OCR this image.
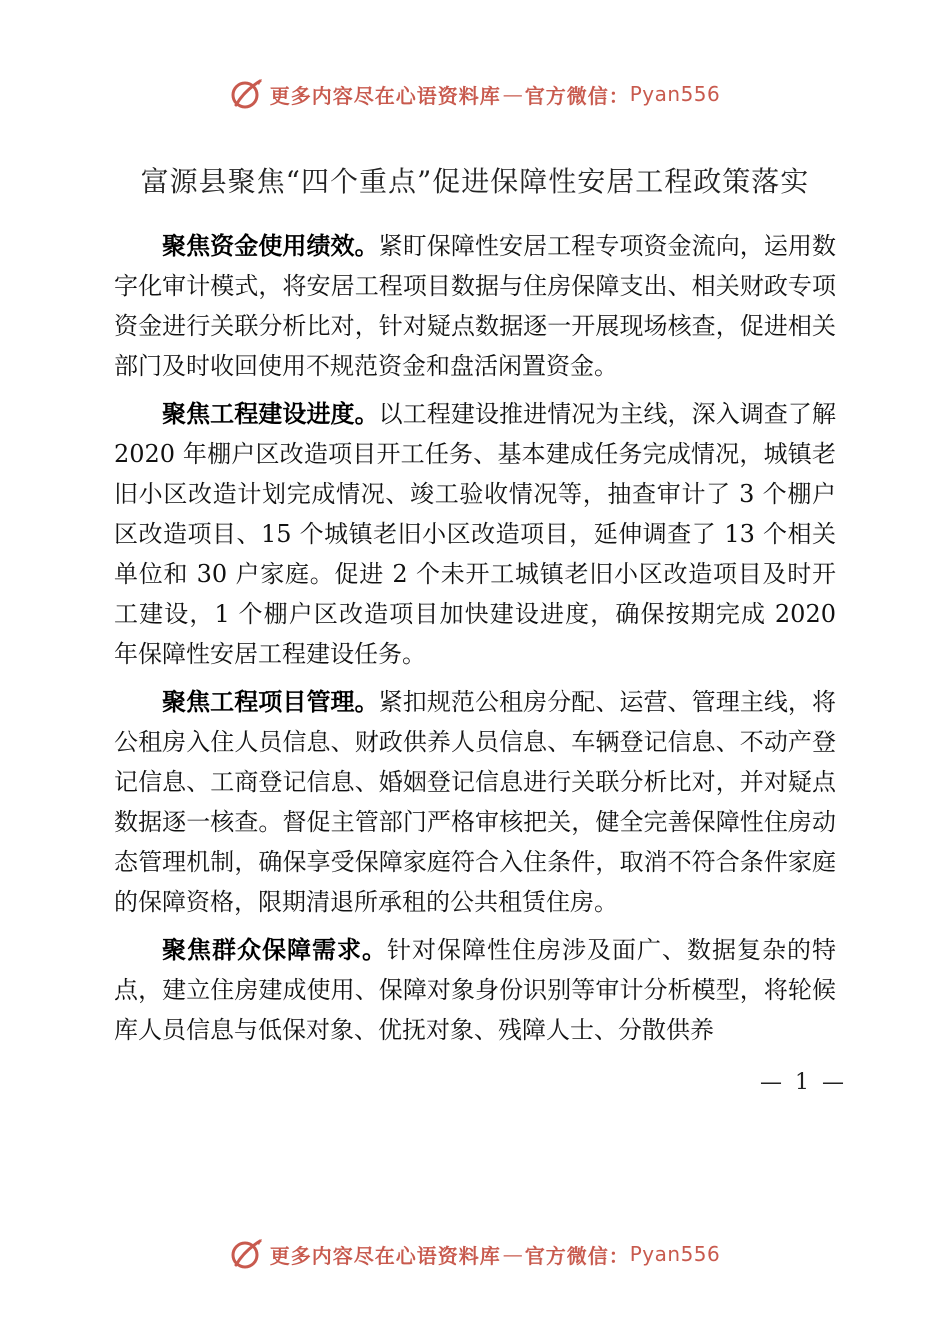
更多内容尽在心语资料库 — 官方微信： Pyan556
富源县聚焦“四个重点”促进保障性安居工程政策落实

聚焦资金使用绩效。紧盯保障性安居工程专项资金流向，运用数字化审计模式，将安居工程项目数据与住房保障支出、相关财政专项资金进行关联分析比对，针对疑点数据逐一开展现场核查，促进相关部门及时收回使用不规范资金和盘活闲置资金。

聚焦工程建设进度。以工程建设推进情况为主线，深入调查了解 2020 年棚户区改造项目开工任务、基本建成任务完成情况，城镇老旧小区改造计划完成情况、竣工验收情况等，抽查审计了 3 个棚户区改造项目、15 个城镇老旧小区改造项目，延伸调查了 13 个相关单位和 30 户家庭。促进 2 个未开工城镇老旧小区改造项目及时开工建设，1 个棚户区改造项目加快建设进度，确保按期完成 2020 年保障性安居工程建设任务。

聚焦工程项目管理。紧扣规范公租房分配、运营、管理主线，将公租房入住人员信息、财政供养人员信息、车辆登记信息、不动产登记信息、工商登记信息、婚姻登记信息进行关联分析比对，并对疑点数据逐一核查。督促主管部门严格审核把关，健全完善保障性住房动态管理机制，确保享受保障家庭符合入住条件，取消不符合条件家庭的保障资格，限期清退所承租的公共租赁住房。

聚焦群众保障需求。针对保障性住房涉及面广、数据复杂的特点，建立住房建成使用、保障对象身份识别等审计分析模型，将轮候库人员信息与低保对象、优抚对象、残障人士、分散供养

— 1 —
更多内容尽在心语资料库 — 官方微信： Pyan556
